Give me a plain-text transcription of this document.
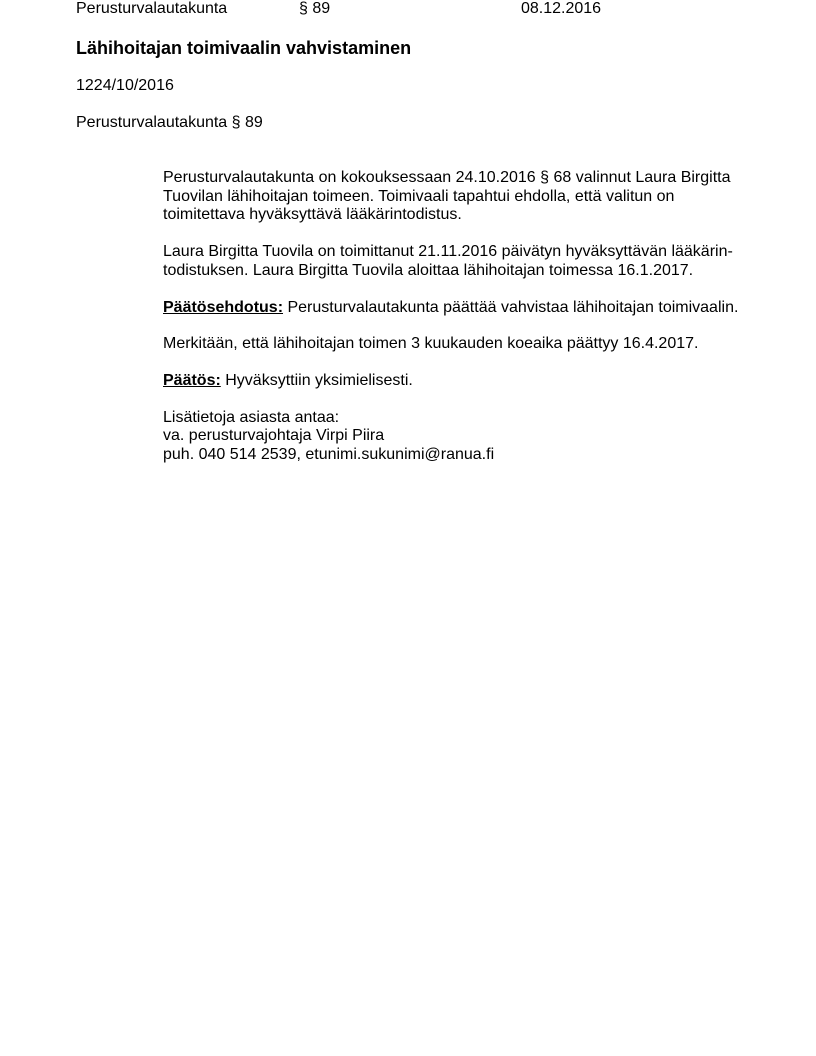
Perusturvalautakunta	§ 89	08.12.2016
Lähihoitajan toimivaalin vahvistaminen
1224/10/2016
Perusturvalautakunta § 89

Perusturvalautakunta on kokouksessaan 24.10.2016 § 68 valinnut Laura Birgitta
Tuovilan lähihoitajan toimeen. Toimivaali tapahtui ehdolla, että valitun on
toimitettava hyväksyttävä lääkärintodistus.

Laura Birgitta Tuovila on toimittanut 21.11.2016 päivätyn hyväksyttävän lääkärin-
todistuksen. Laura Birgitta Tuovila aloittaa lähihoitajan toimessa 16.1.2017.

Päätösehdotus: Perusturvalautakunta päättää vahvistaa lähihoitajan toimivaalin.

Merkitään, että lähihoitajan toimen 3 kuukauden koeaika päättyy 16.4.2017.

Päätös: Hyväksyttiin yksimielisesti.

Lisätietoja asiasta antaa:
va. perusturvajohtaja Virpi Piira
puh. 040 514 2539, etunimi.sukunimi@ranua.fi
